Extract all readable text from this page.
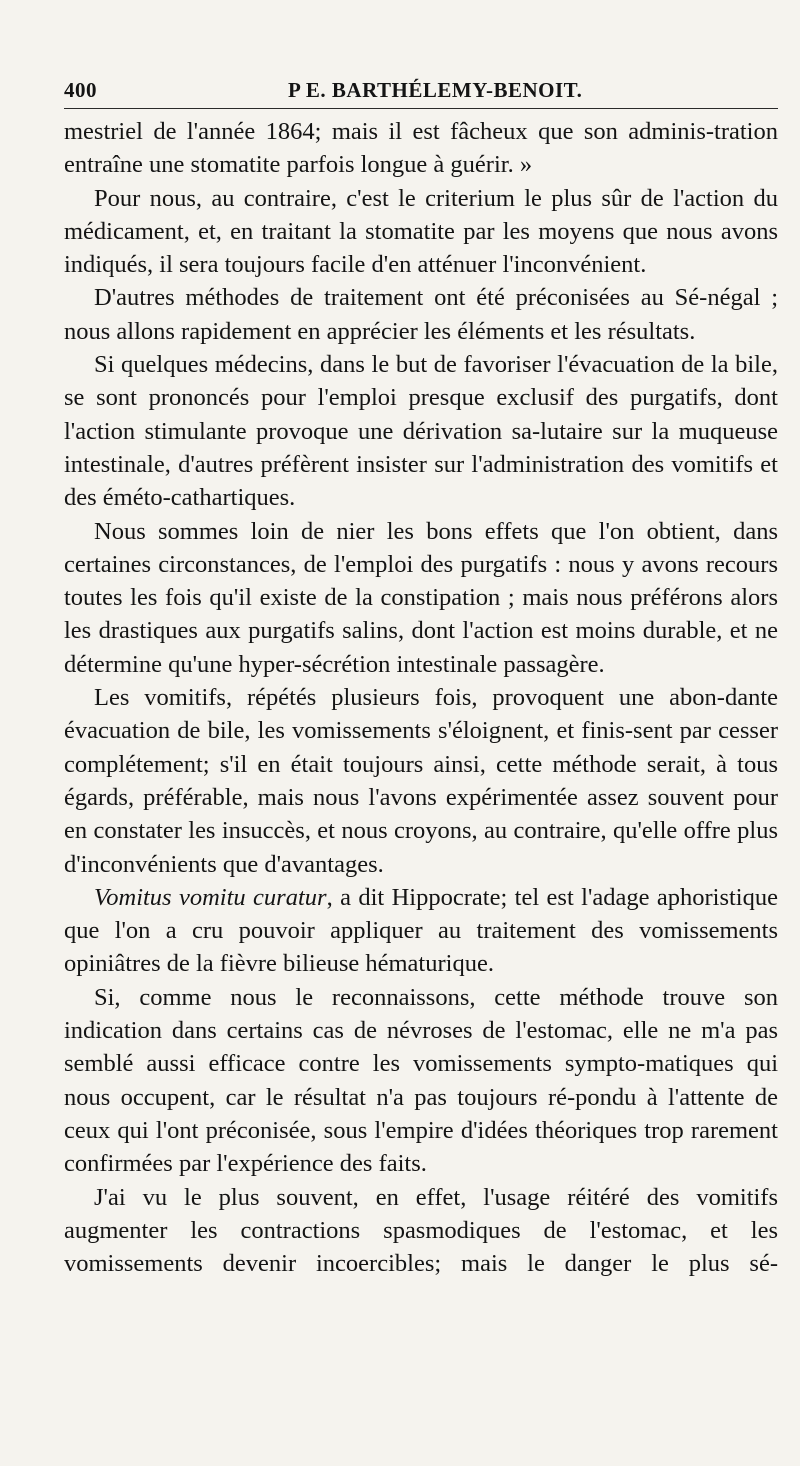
400	P E. BARTHÉLEMY-BENOIT.

mestriel de l'année 1864; mais il est fâcheux que son adminis-tration entraîne une stomatite parfois longue à guérir. »

Pour nous, au contraire, c'est le criterium le plus sûr de l'action du médicament, et, en traitant la stomatite par les moyens que nous avons indiqués, il sera toujours facile d'en atténuer l'inconvénient.

D'autres méthodes de traitement ont été préconisées au Sé-négal ; nous allons rapidement en apprécier les éléments et les résultats.

Si quelques médecins, dans le but de favoriser l'évacuation de la bile, se sont prononcés pour l'emploi presque exclusif des purgatifs, dont l'action stimulante provoque une dérivation sa-lutaire sur la muqueuse intestinale, d'autres préfèrent insister sur l'administration des vomitifs et des éméto-cathartiques.

Nous sommes loin de nier les bons effets que l'on obtient, dans certaines circonstances, de l'emploi des purgatifs : nous y avons recours toutes les fois qu'il existe de la constipation ; mais nous préférons alors les drastiques aux purgatifs salins, dont l'action est moins durable, et ne détermine qu'une hyper-sécrétion intestinale passagère.

Les vomitifs, répétés plusieurs fois, provoquent une abon-dante évacuation de bile, les vomissements s'éloignent, et finis-sent par cesser complétement; s'il en était toujours ainsi, cette méthode serait, à tous égards, préférable, mais nous l'avons expérimentée assez souvent pour en constater les insuccès, et nous croyons, au contraire, qu'elle offre plus d'inconvénients que d'avantages.

Vomitus vomitu curatur, a dit Hippocrate; tel est l'adage aphoristique que l'on a cru pouvoir appliquer au traitement des vomissements opiniâtres de la fièvre bilieuse hématurique.

Si, comme nous le reconnaissons, cette méthode trouve son indication dans certains cas de névroses de l'estomac, elle ne m'a pas semblé aussi efficace contre les vomissements sympto-matiques qui nous occupent, car le résultat n'a pas toujours ré-pondu à l'attente de ceux qui l'ont préconisée, sous l'empire d'idées théoriques trop rarement confirmées par l'expérience des faits.

J'ai vu le plus souvent, en effet, l'usage réitéré des vomitifs augmenter les contractions spasmodiques de l'estomac, et les vomissements devenir incoercibles; mais le danger le plus sé-
